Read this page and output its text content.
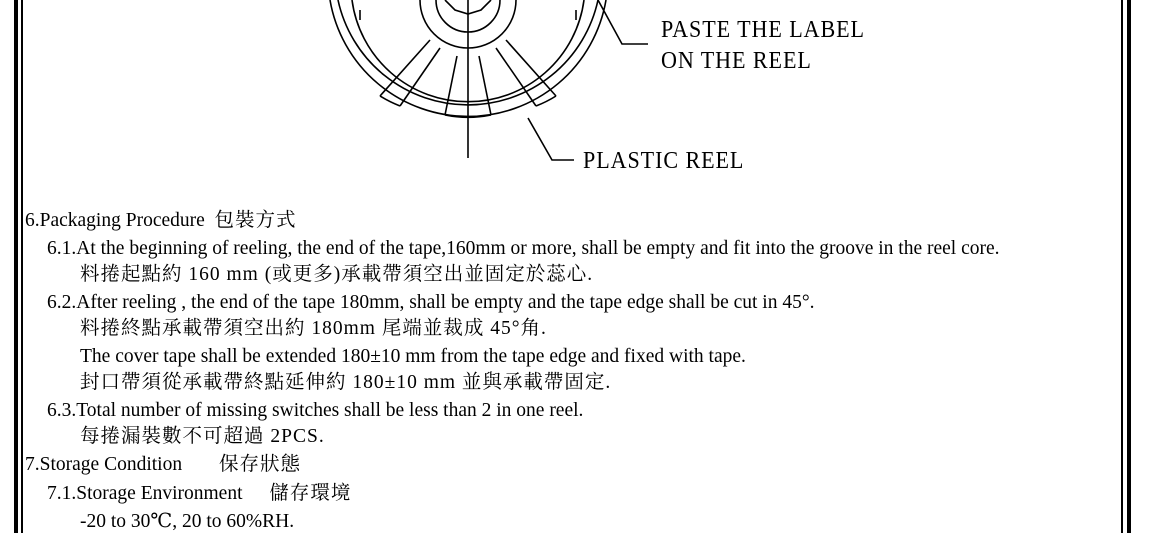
PASTE THE LABEL
ON THE REEL
PLASTIC REEL
6.Packaging Procedure 包裝方式
6.1.At the beginning of reeling, the end of the tape,160mm or more, shall be empty and fit into the groove in the reel core.
料捲起點約 160 mm (或更多)承載帶須空出並固定於蕊心.
6.2.After reeling , the end of the tape 180mm, shall be empty and the tape edge shall be cut in 45°.
料捲終點承載帶須空出約 180mm 尾端並裁成 45°角.
The cover tape shall be extended 180±10 mm from the tape edge and fixed with tape.
封口帶須從承載帶終點延伸約 180±10 mm 並與承載帶固定.
6.3.Total number of missing switches shall be less than 2 in one reel.
每捲漏裝數不可超過 2PCS.
7.Storage Condition 保存狀態
7.1.Storage Environment 儲存環境
-20 to 30℃, 20 to 60%RH.
